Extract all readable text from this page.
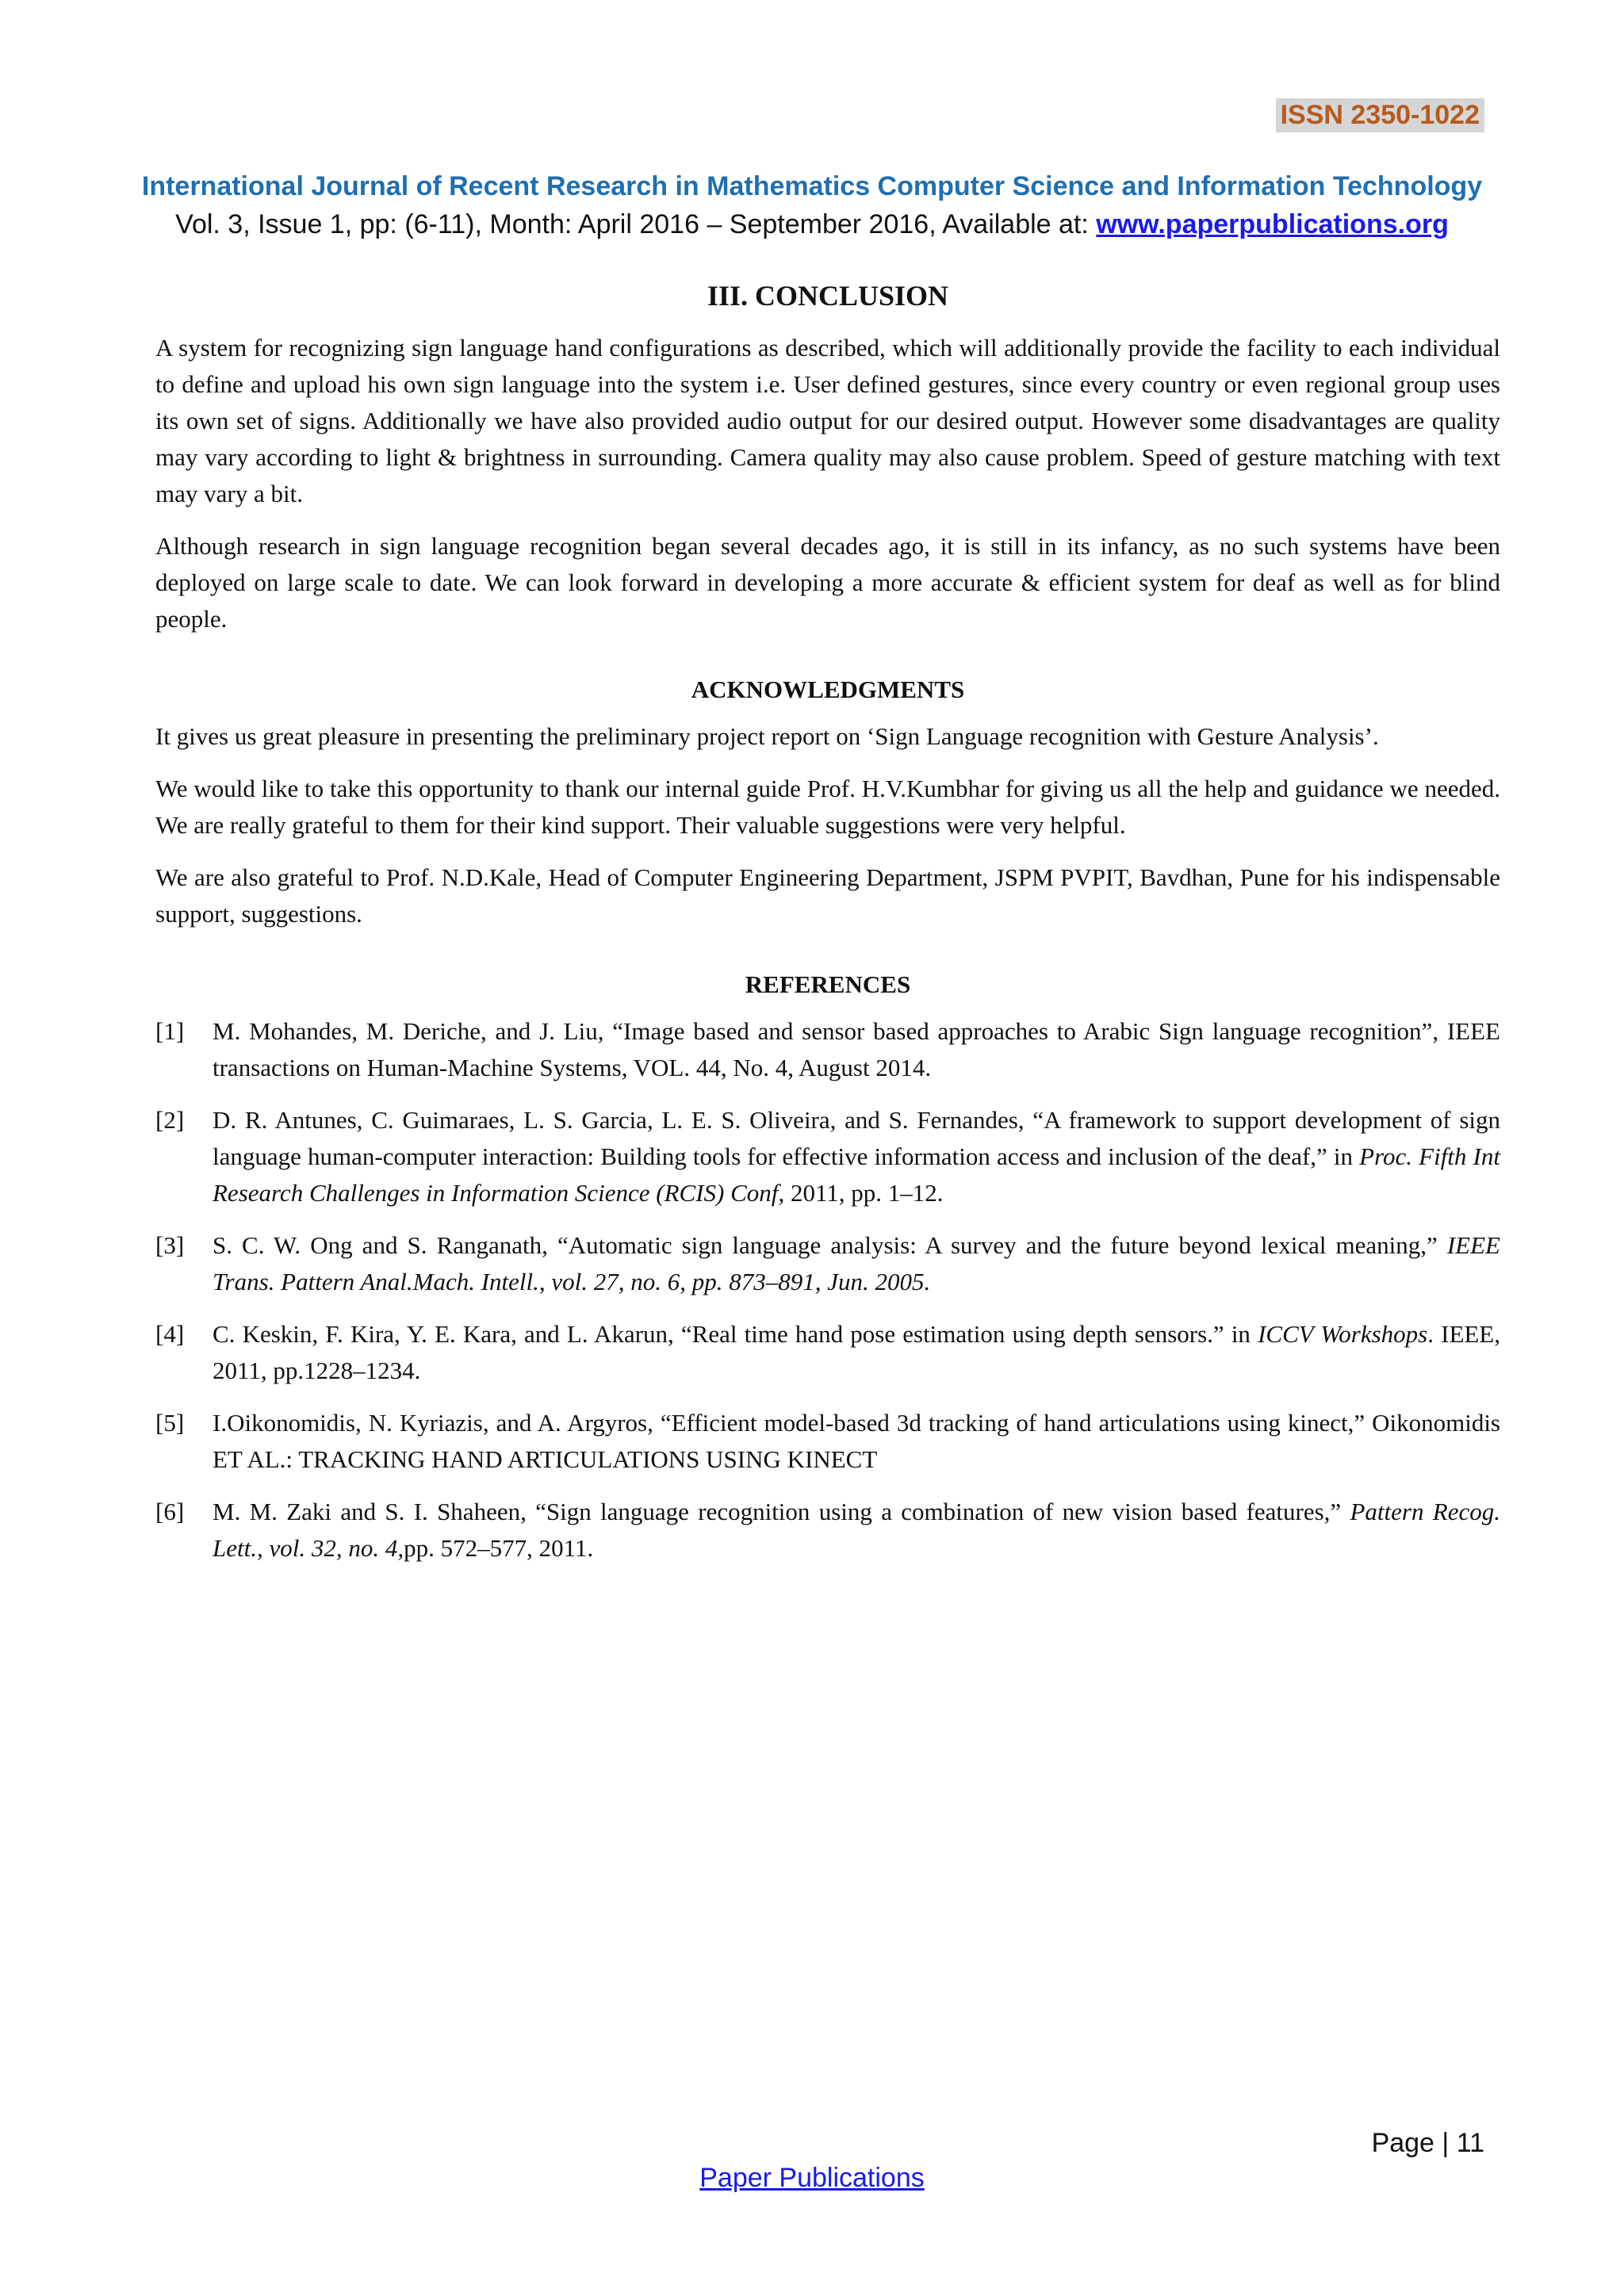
ISSN 2350-1022
International Journal of Recent Research in Mathematics Computer Science and Information Technology
Vol. 3, Issue 1, pp: (6-11), Month: April 2016 – September 2016, Available at: www.paperpublications.org
III. CONCLUSION

A system for recognizing sign language hand configurations as described, which will additionally provide the facility to each individual to define and upload his own sign language into the system i.e. User defined gestures, since every country or even regional group uses its own set of signs. Additionally we have also provided audio output for our desired output. However some disadvantages are quality may vary according to light & brightness in surrounding. Camera quality may also cause problem. Speed of gesture matching with text may vary a bit.

Although research in sign language recognition began several decades ago, it is still in its infancy, as no such systems have been deployed on large scale to date. We can look forward in developing a more accurate & efficient system for deaf as well as for blind people.

ACKNOWLEDGMENTS

It gives us great pleasure in presenting the preliminary project report on ‘Sign Language recognition with Gesture Analysis’.

We would like to take this opportunity to thank our internal guide Prof. H.V.Kumbhar for giving us all the help and guidance we needed. We are really grateful to them for their kind support. Their valuable suggestions were very helpful.

We are also grateful to Prof. N.D.Kale, Head of Computer Engineering Department, JSPM PVPIT, Bavdhan, Pune for his indispensable support, suggestions.

REFERENCES
[1]	M. Mohandes, M. Deriche, and J. Liu, “Image based and sensor based approaches to Arabic Sign language recognition”, IEEE transactions on Human-Machine Systems, VOL. 44, No. 4, August 2014.
[2]	D. R. Antunes, C. Guimaraes, L. S. Garcia, L. E. S. Oliveira, and S. Fernandes, “A framework to support development of sign language human-computer interaction: Building tools for effective information access and inclusion of the deaf,” in Proc. Fifth Int Research Challenges in Information Science (RCIS) Conf, 2011, pp. 1–12.
[3]	S. C. W. Ong and S. Ranganath, “Automatic sign language analysis: A survey and the future beyond lexical meaning,” IEEE Trans. Pattern Anal.Mach. Intell., vol. 27, no. 6, pp. 873–891, Jun. 2005.
[4]	C. Keskin, F. Kira, Y. E. Kara, and L. Akarun, “Real time hand pose estimation using depth sensors.” in ICCV Workshops. IEEE, 2011, pp.1228–1234.
[5]	I.Oikonomidis, N. Kyriazis, and A. Argyros, “Efficient model-based 3d tracking of hand articulations using kinect,” Oikonomidis ET AL.: TRACKING HAND ARTICULATIONS USING KINECT
[6]	M. M. Zaki and S. I. Shaheen, “Sign language recognition using a combination of new vision based features,” Pattern Recog. Lett., vol. 32, no. 4,pp. 572–577, 2011.
Page | 11
Paper Publications
